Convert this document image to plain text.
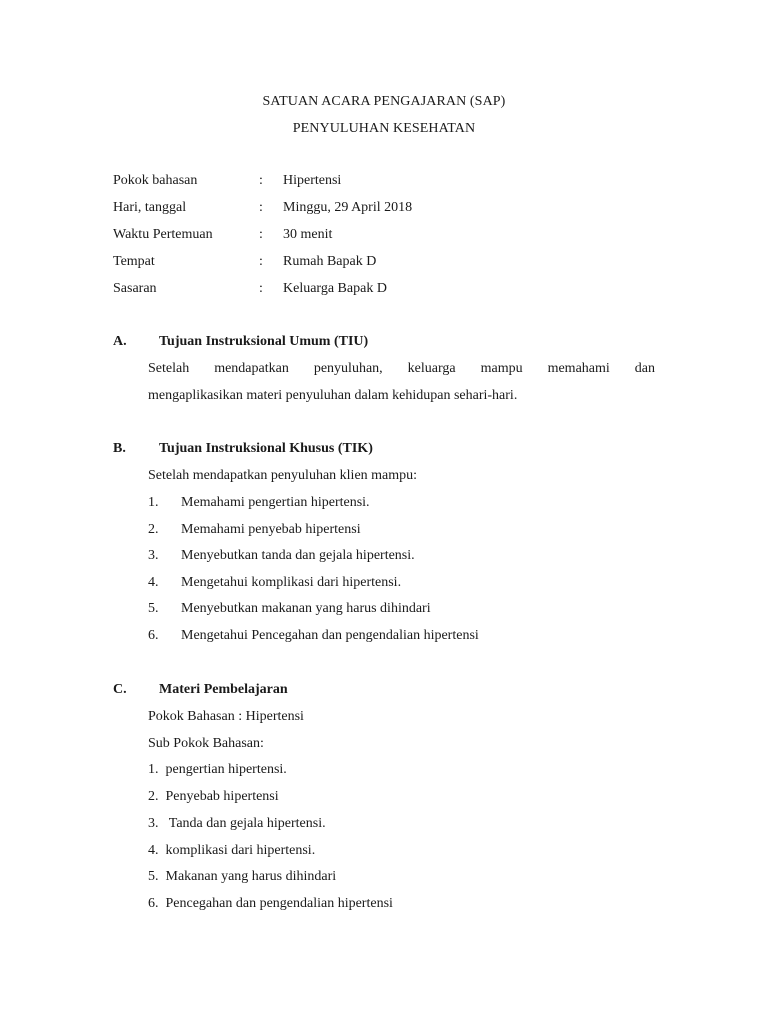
SATUAN ACARA PENGAJARAN (SAP)
PENYULUHAN KESEHATAN
Pokok bahasan	: Hipertensi
Hari, tanggal	: Minggu, 29 April 2018
Waktu Pertemuan	: 30 menit
Tempat	: Rumah Bapak D
Sasaran	: Keluarga Bapak D
A. Tujuan Instruksional Umum (TIU)
Setelah mendapatkan penyuluhan, keluarga mampu memahami dan
mengaplikasikan materi penyuluhan dalam kehidupan sehari-hari.
B. Tujuan Instruksional Khusus (TIK)
Setelah mendapatkan penyuluhan klien mampu:
1. Memahami pengertian hipertensi.
2. Memahami penyebab hipertensi
3. Menyebutkan tanda dan gejala hipertensi.
4. Mengetahui komplikasi dari hipertensi.
5. Menyebutkan makanan yang harus dihindari
6. Mengetahui Pencegahan dan pengendalian hipertensi
C. Materi Pembelajaran
Pokok Bahasan : Hipertensi
Sub Pokok Bahasan:
1.  pengertian hipertensi.
2.  Penyebab hipertensi
3.   Tanda dan gejala hipertensi.
4.  komplikasi dari hipertensi.
5.  Makanan yang harus dihindari
6.  Pencegahan dan pengendalian hipertensi
